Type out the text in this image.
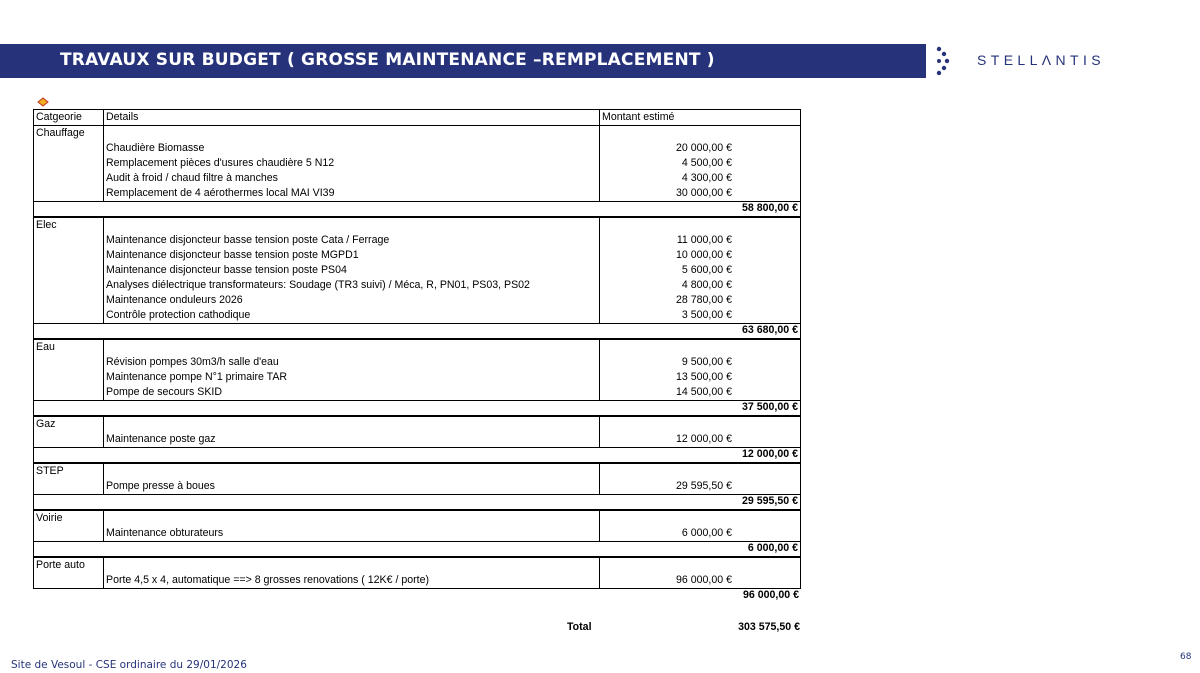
TRAVAUX SUR BUDGET ( GROSSE MAINTENANCE –REMPLACEMENT )	STELLΛNTIS
Catgeorie Details	Montant estimé
Chauffage
Chaudière Biomasse	20 000,00 €
Remplacement pièces d'usures chaudière 5 N12	4 500,00 €
Audit à froid / chaud filtre à manches	4 300,00 €
Remplacement de 4 aérothermes local MAI VI39	30 000,00 €
58 800,00 €
Elec
Maintenance disjoncteur basse tension poste Cata / Ferrage	11 000,00 €
Maintenance disjoncteur basse tension poste MGPD1	10 000,00 €
Maintenance disjoncteur basse tension poste PS04	5 600,00 €
Analyses diélectrique transformateurs: Soudage (TR3 suivi) / Méca, R, PN01, PS03, PS02	4 800,00 €
Maintenance onduleurs 2026	28 780,00 €
Contrôle protection cathodique	3 500,00 €
63 680,00 €
Eau
Révision pompes 30m3/h salle d'eau	9 500,00 €
Maintenance pompe N°1 primaire TAR	13 500,00 €
Pompe de secours SKID	14 500,00 €
37 500,00 €
Gaz
Maintenance poste gaz	12 000,00 €
12 000,00 €
STEP
Pompe presse à boues	29 595,50 €
29 595,50 €
Voirie
Maintenance obturateurs	6 000,00 €
6 000,00 €
Porte auto
Porte 4,5 x 4, automatique ==> 8 grosses renovations ( 12K€ / porte)	96 000,00 €
96 000,00 €
Total	303 575,50 €
Site de Vesoul - CSE ordinaire du 29/01/2026
68
